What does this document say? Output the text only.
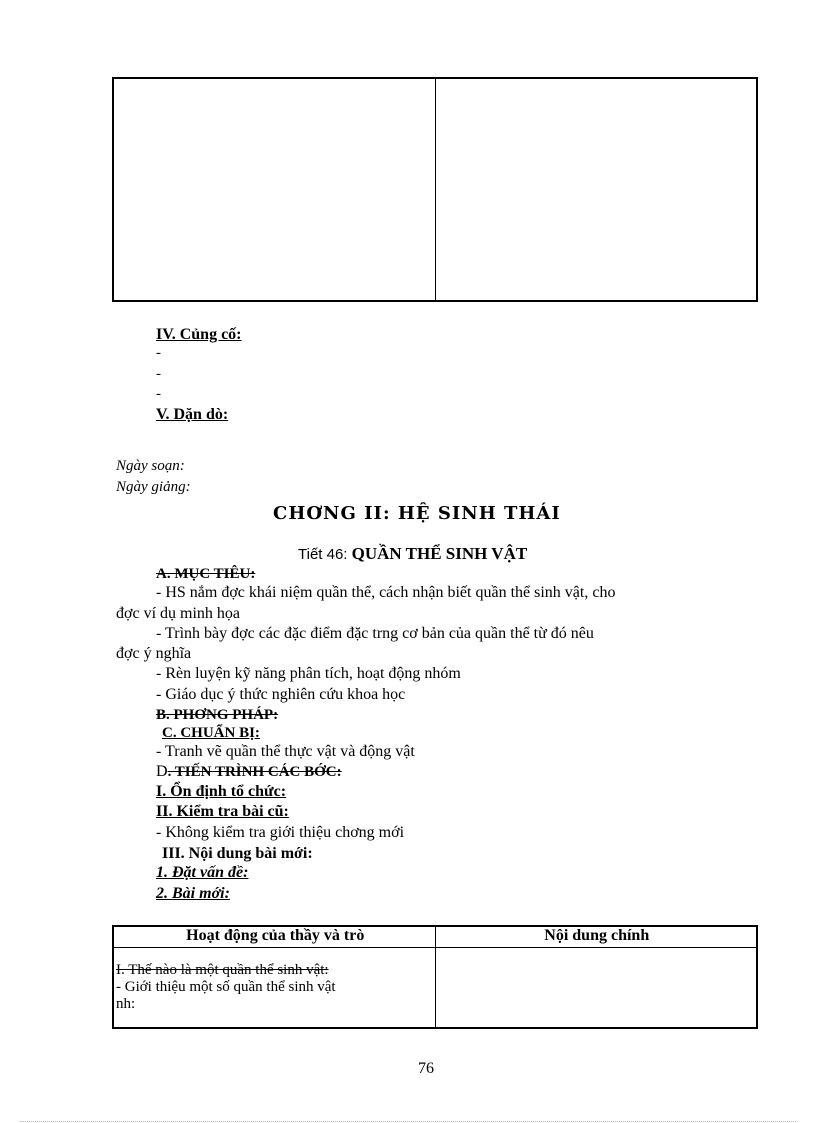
IV. Củng cố:
-
-
-
V. Dặn dò:
Ngày soạn:
Ngày giảng:
CHƠNG II: HỆ SINH THÁI
Tiết 46: QUẦN THỂ SINH VẬT
A. MỤC TIÊU:
- HS nắm đợc khái niệm quần thể, cách nhận biết quần thể sinh vật, cho
đợc ví dụ minh họa
- Trình bày đợc các đặc điểm đặc trng cơ bản của quần thể từ đó nêu
đợc ý nghĩa
- Rèn luyện kỹ năng phân tích, hoạt động nhóm
- Giáo dục ý thức nghiên cứu khoa học
B. PHƠNG PHÁP:
C. CHUẨN BỊ:
- Tranh vẽ quần thể thực vật và động vật
D. TIẾN TRÌNH CÁC BỚC:
I. Ổn định tổ chức:
II. Kiểm tra bài cũ:
- Không kiểm tra giới thiệu chơng mới
III. Nội dung bài mới:
1. Đặt vấn đề:
2. Bài mới:
Hoạt động của thầy và trò	Nội dung chính

I. Thế nào là một quần thể sinh vật:
- Giới thiệu một số quần thể sinh vật
nh:	

76
